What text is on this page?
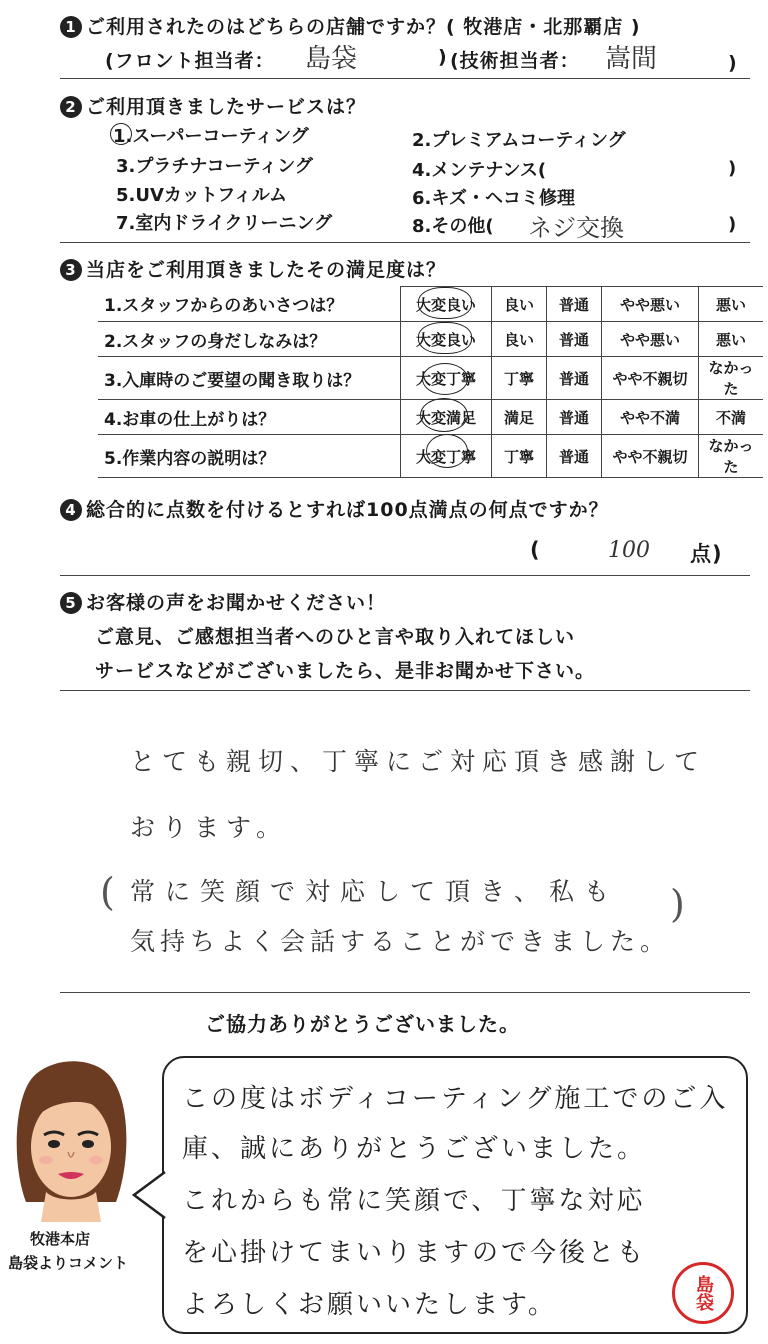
1 ご利用されたのはどちらの店舗ですか？( 牧港店・北那覇店 )
(フロント担当者： 島袋	) (技術担当者： 嵩間	)
2 ご利用頂きましたサービスは？
1.スーパーコーティング	2.プレミアムコーティング
3.プラチナコーティング	4.メンテナンス(	)
5.UVカットフィルム	6.キズ・ヘコミ修理
7.室内ドライクリーニング	8.その他( ネジ交換	)
3 当店をご利用頂きましたその満足度は？
1.スタッフからのあいさつは？	大変良い	良い	普通	やや悪い	悪い
2.スタッフの身だしなみは？	大変良い	良い	普通	やや悪い	悪い
3.入庫時のご要望の聞き取りは？	大変丁寧	丁寧	普通	やや不親切	なかった
4.お車の仕上がりは？	大変満足	満足	普通	やや不満	不満
5.作業内容の説明は？	大変丁寧	丁寧	普通	やや不親切	なかった
4 総合的に点数を付けるとすれば100点満点の何点ですか？
(	100 点)
5 お客様の声をお聞かせください！
ご意見、ご感想担当者へのひと言や取り入れてほしい
サービスなどがございましたら、是非お聞かせ下さい。
とても親切、丁寧にご対応頂き感謝して
おります。
( 常に笑顔で対応して頂き、私も
気持ちよく会話することができました。
)
ご協力ありがとうございました。
牧港本店
島袋よりコメント
この度はボディコーティング施工でのご入
庫、誠にありがとうございました。
これからも常に笑顔で、丁寧な対応
を心掛けてまいりますので今後とも
よろしくお願いいたします。	島袋
